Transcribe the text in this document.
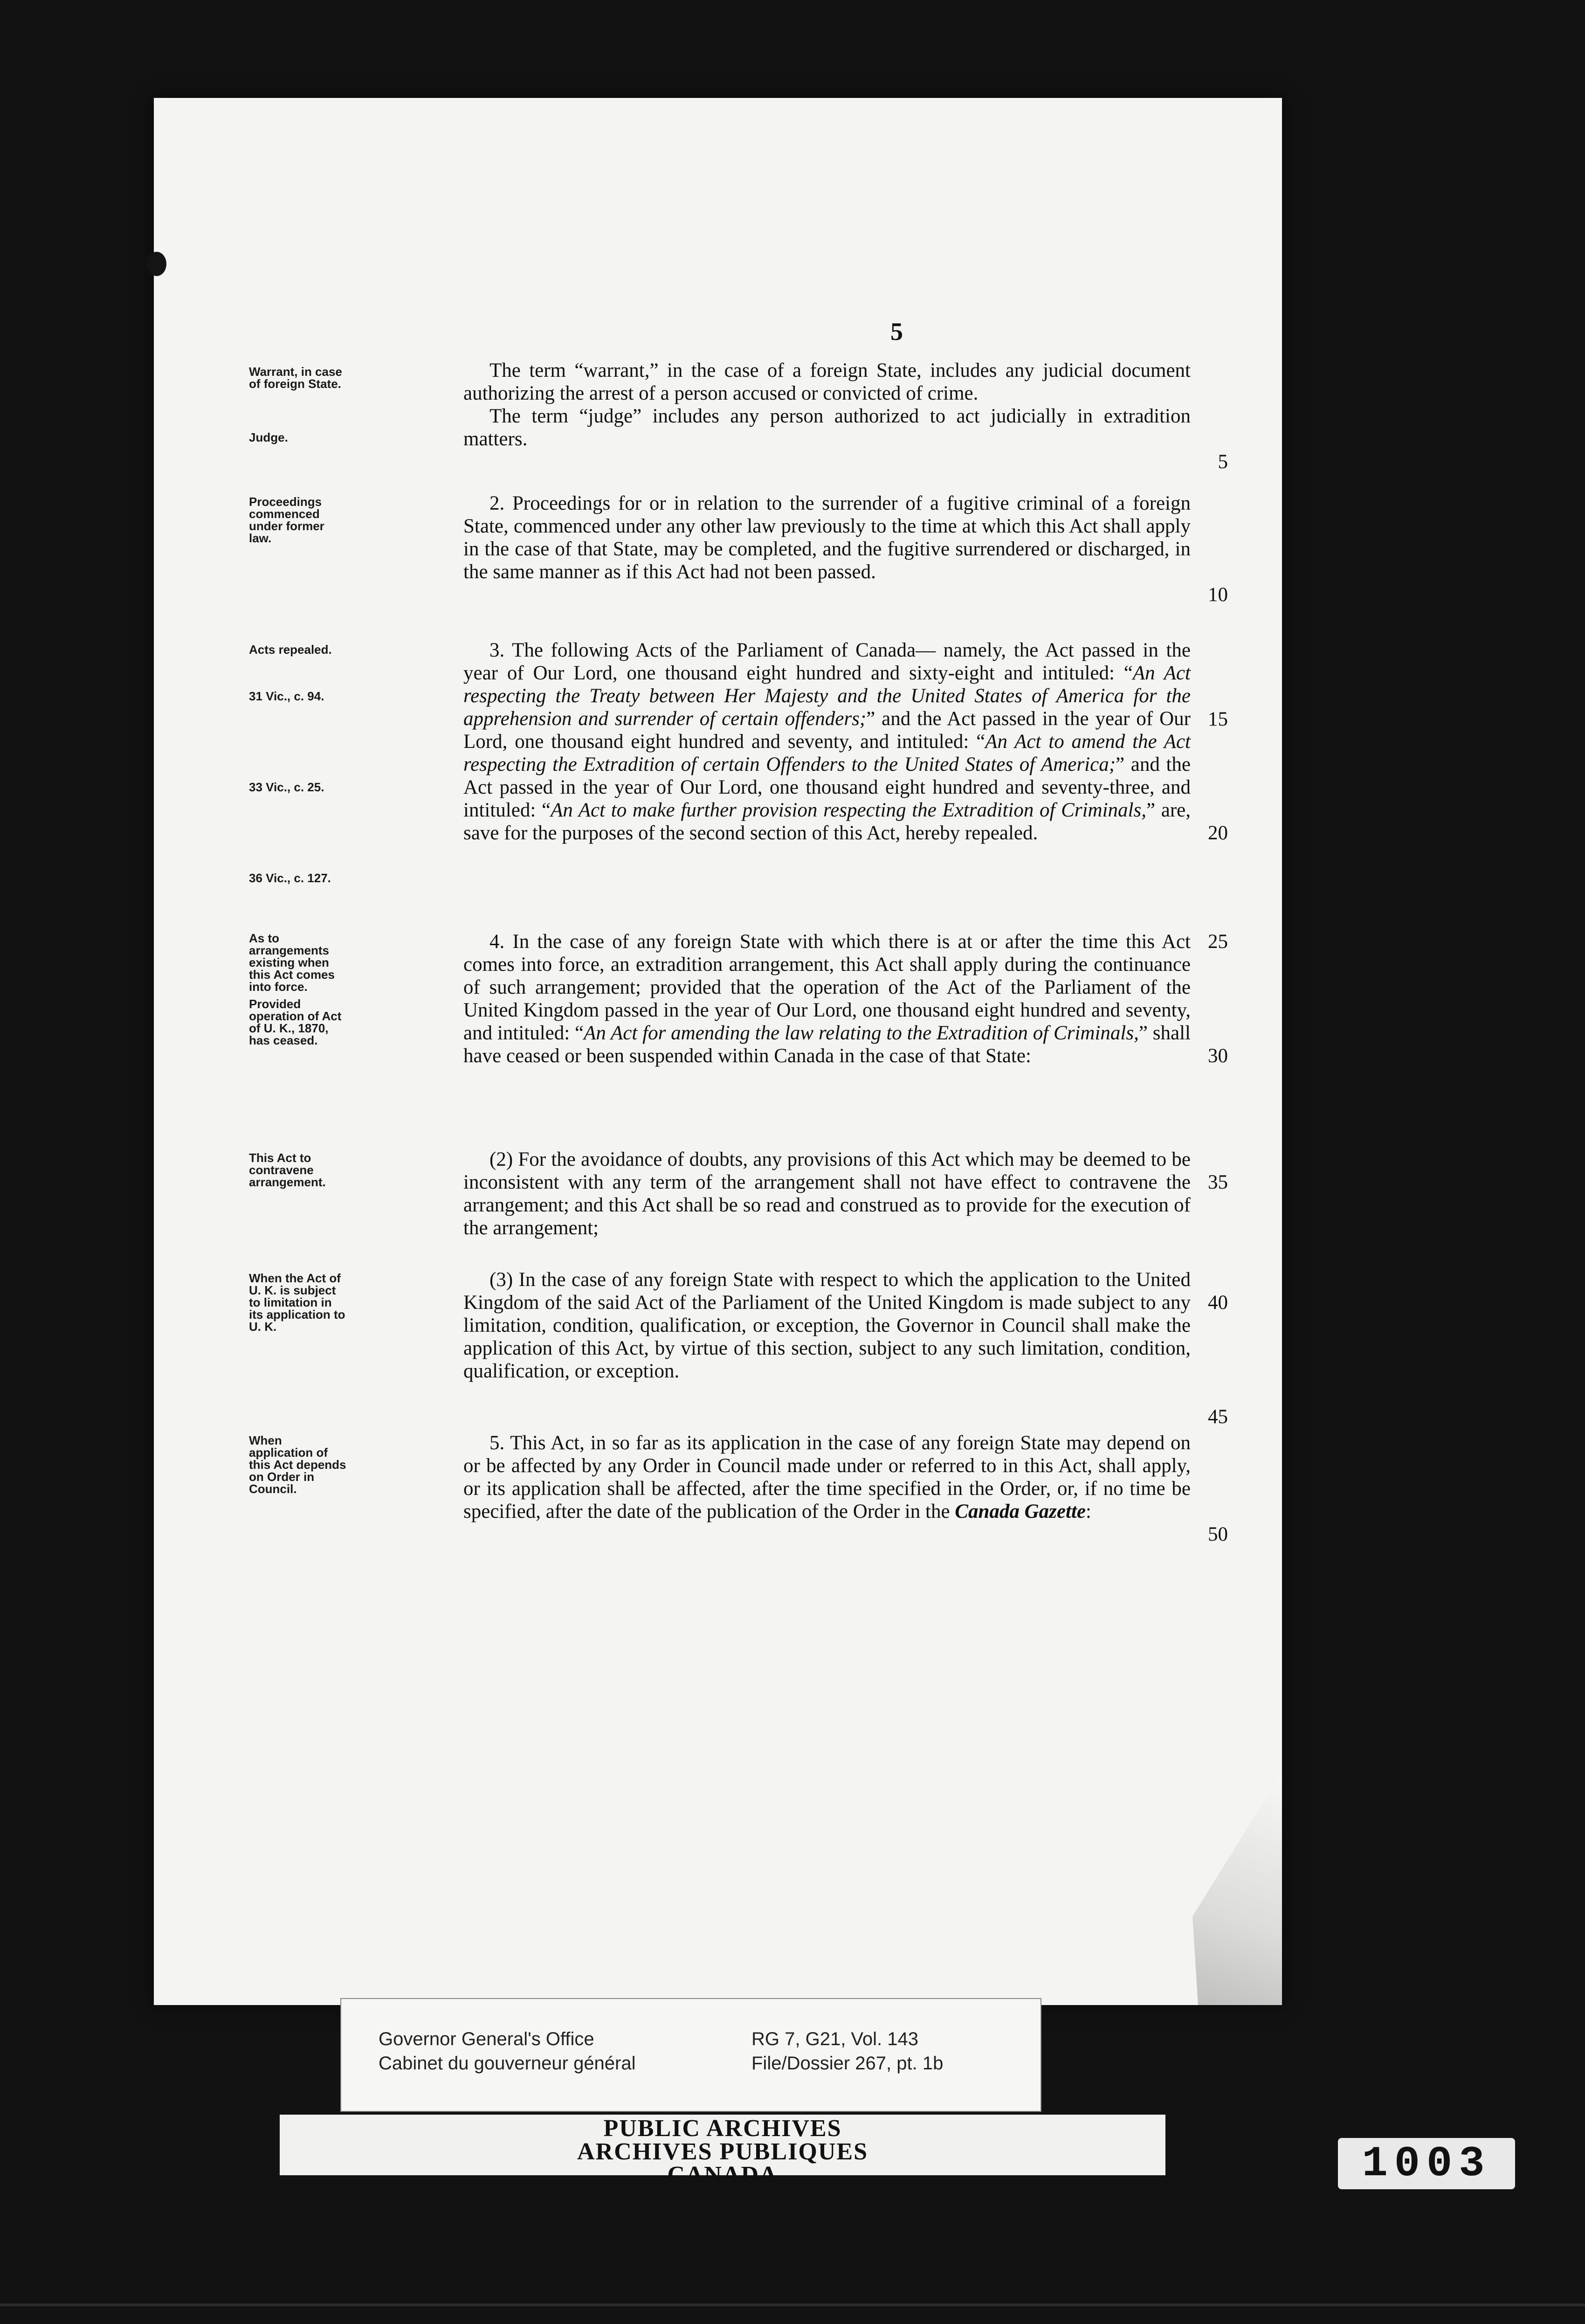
5
Warrant, in case of foreign State.
Judge.

The term “warrant,” in the case of a foreign State, includes any judicial document authorizing the arrest of a person accused or convicted of crime.

The term “judge” includes any person authorized to act judicially in extradition matters.

5
Proceedings commenced under former law.

2. Proceedings for or in relation to the surrender of a fugitive criminal of a foreign State, commenced under any other law previously to the time at which this Act shall apply in the case of that State, may be completed, and the fugitive surrendered or discharged, in the same manner as if this Act had not been passed.

10
Acts repealed.
31 Vic., c. 94.
33 Vic., c. 25.
36 Vic., c. 127.

3. The following Acts of the Parliament of Canada— namely, the Act passed in the year of Our Lord, one thousand eight hundred and sixty-eight and intituled: “An Act respecting the Treaty between Her Majesty and the United States of America for the apprehension and surrender of certain offenders;” and the Act passed in the year of Our Lord, one thousand eight hundred and seventy, and intituled: “An Act to amend the Act respecting the Extradition of certain Offenders to the United States of America;” and the Act passed in the year of Our Lord, one thousand eight hundred and seventy-three, and intituled: “An Act to make further provision respecting the Extradition of Criminals,” are, save for the purposes of the second section of this Act, hereby repealed.

15
20
As to arrangements existing when this Act comes into force.
Provided operation of Act of U. K., 1870, has ceased.

4. In the case of any foreign State with which there is at or after the time this Act comes into force, an extradition arrangement, this Act shall apply during the continuance of such arrangement; provided that the operation of the Act of the Parliament of the United Kingdom passed in the year of Our Lord, one thousand eight hundred and seventy, and intituled: “An Act for amending the law relating to the Extradition of Criminals,” shall have ceased or been suspended within Canada in the case of that State:

25
30
This Act to contravene arrangement.

(2) For the avoidance of doubts, any provisions of this Act which may be deemed to be inconsistent with any term of the arrangement shall not have effect to contravene the arrangement; and this Act shall be so read and construed as to provide for the execution of the arrangement;

35
When the Act of U. K. is subject to limitation in its application to U. K.

(3) In the case of any foreign State with respect to which the application to the United Kingdom of the said Act of the Parliament of the United Kingdom is made subject to any limitation, condition, qualification, or exception, the Governor in Council shall make the application of this Act, by virtue of this section, subject to any such limitation, condition, qualification, or exception.

40
45
When application of this Act depends on Order in Council.

5. This Act, in so far as its application in the case of any foreign State may depend on or be affected by any Order in Council made under or referred to in this Act, shall apply, or its application shall be affected, after the time specified in the Order, or, if no time be specified, after the date of the publication of the Order in the Canada Gazette:

50
Governor General's Office
Cabinet du gouverneur général
RG 7, G21, Vol. 143
File/Dossier 267, pt. 1b
PUBLIC ARCHIVES
ARCHIVES PUBLIQUES
CANADA	1003
